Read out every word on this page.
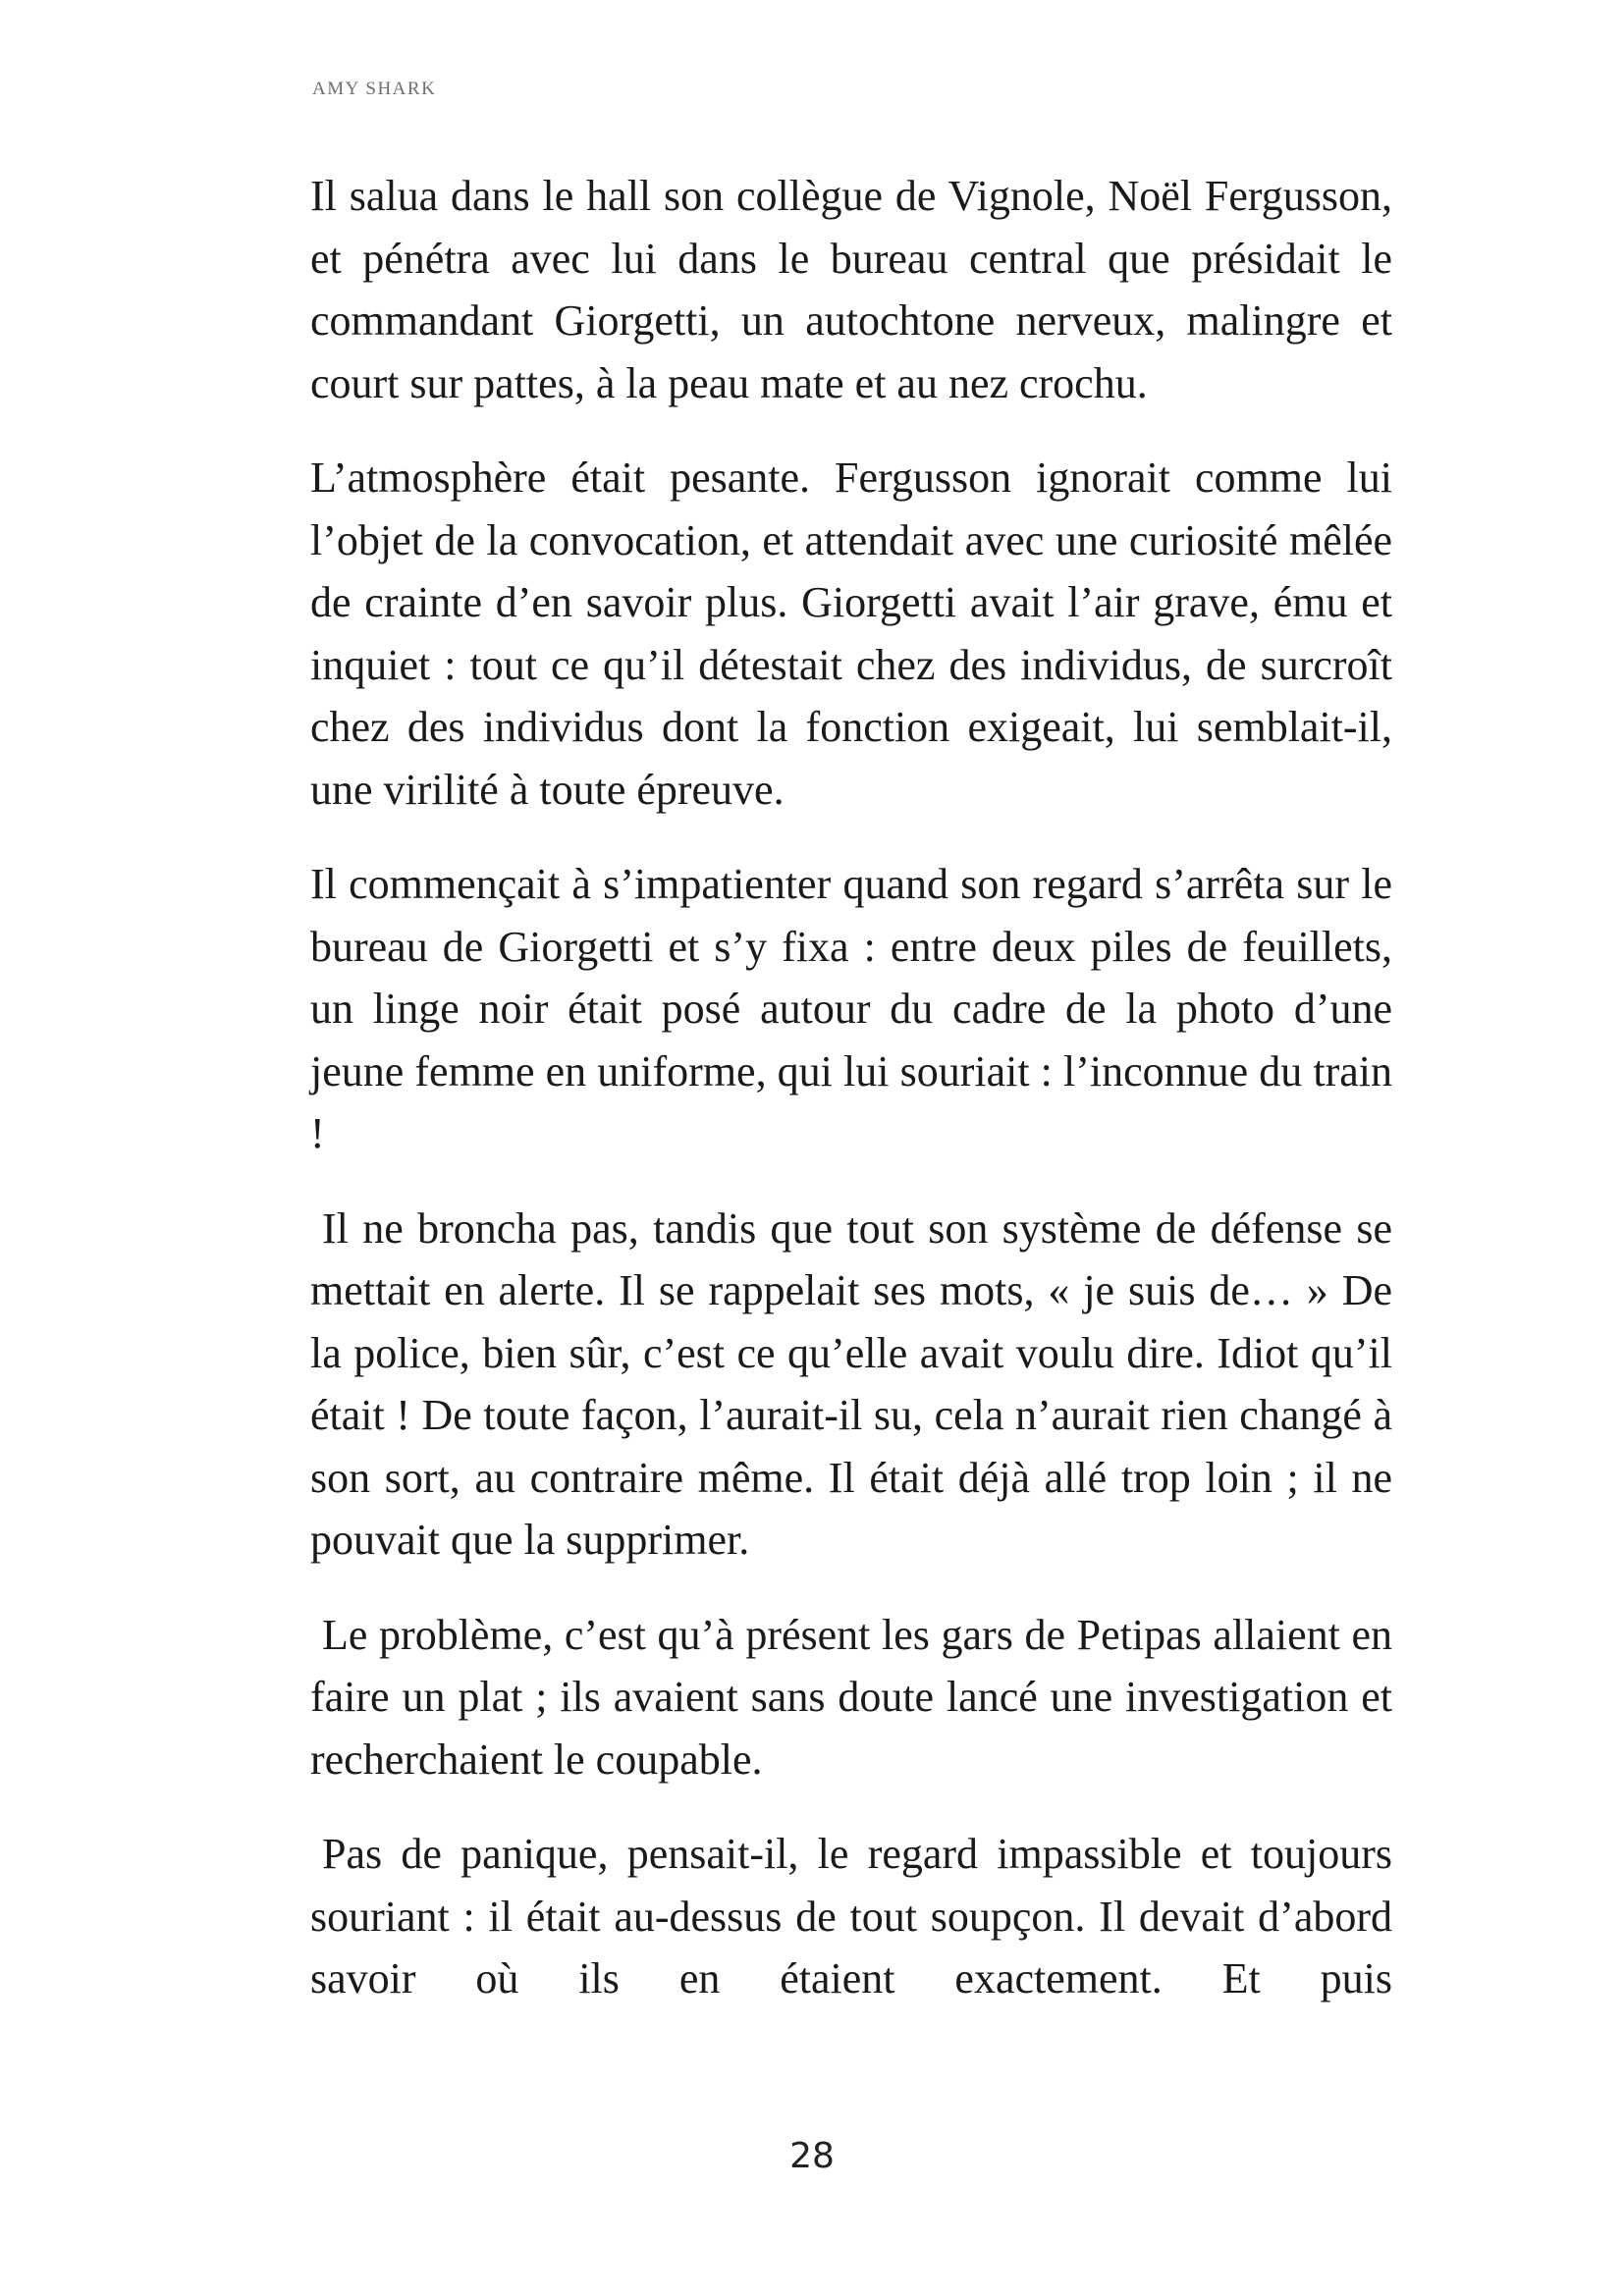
AMY SHARK

Il salua dans le hall son collègue de Vignole, Noël Fergusson, et pénétra avec lui dans le bureau central que présidait le commandant Giorgetti, un autochtone nerveux, malingre et court sur pattes, à la peau mate et au nez crochu.

L’atmosphère était pesante. Fergusson ignorait comme lui l’objet de la convocation, et attendait avec une curiosité mêlée de crainte d’en savoir plus. Giorgetti avait l’air grave, ému et inquiet : tout ce qu’il détestait chez des individus, de surcroît chez des individus dont la fonction exigeait, lui semblait-il, une virilité à toute épreuve.

Il commençait à s’impatienter quand son regard s’arrêta sur le bureau de Giorgetti et s’y fixa : entre deux piles de feuillets, un linge noir était posé autour du cadre de la photo d’une jeune femme en uniforme, qui lui souriait : l’inconnue du train !

Il ne broncha pas, tandis que tout son système de défense se mettait en alerte. Il se rappelait ses mots, « je suis de… » De la police, bien sûr, c’est ce qu’elle avait voulu dire. Idiot qu’il était ! De toute façon, l’aurait-il su, cela n’aurait rien changé à son sort, au contraire même. Il était déjà allé trop loin ; il ne pouvait que la supprimer.

Le problème, c’est qu’à présent les gars de Petipas allaient en faire un plat ; ils avaient sans doute lancé une investigation et recherchaient le coupable.

Pas de panique, pensait-il, le regard impassible et toujours souriant : il était au-dessus de tout soupçon. Il devait d’abord savoir où ils en étaient exactement. Et puis

28
